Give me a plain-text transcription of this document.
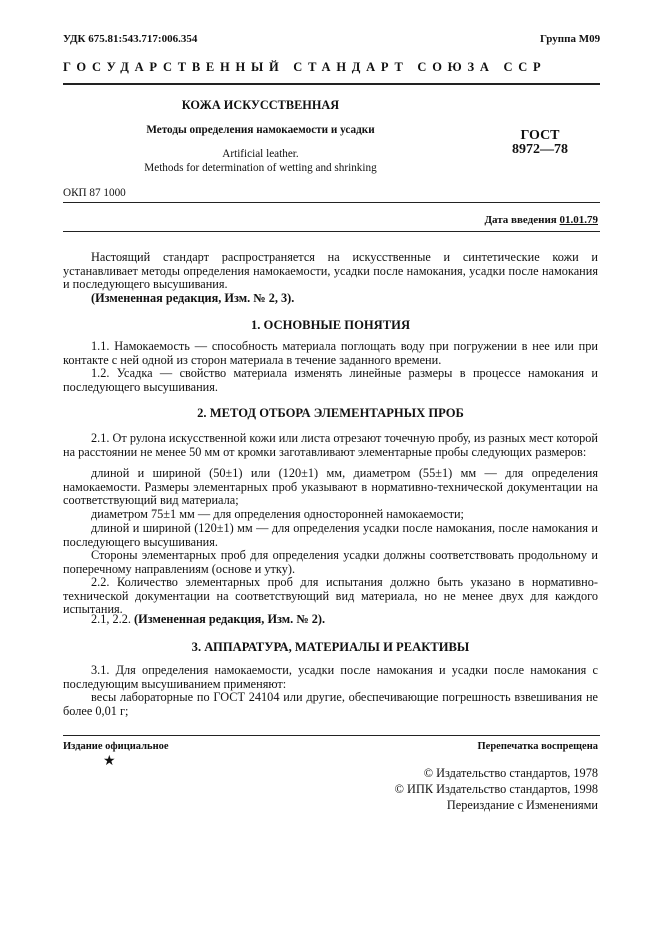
УДК 675.81:543.717:006.354	Группа М09
ГОСУДАРСТВЕННЫЙ СТАНДАРТ СОЮЗА ССР
КОЖА ИСКУССТВЕННАЯ
Методы определения намокаемости и усадки
Artificial leather.
Methods for determination of wetting and shrinking
ГОСТ
8972—78
ОКП 87 1000
Дата введения 01.01.79

Настоящий стандарт распространяется на искусственные и синтетические кожи и устанавливает методы определения намокаемости, усадки после намокания, усадки после намокания и последующего высушивания.

(Измененная редакция, Изм. № 2, 3).

1. ОСНОВНЫЕ ПОНЯТИЯ

1.1. Намокаемость — способность материала поглощать воду при погружении в нее или при контакте с ней одной из сторон материала в течение заданного времени.

1.2. Усадка — свойство материала изменять линейные размеры в процессе намокания и последующего высушивания.

2. МЕТОД ОТБОРА ЭЛЕМЕНТАРНЫХ ПРОБ

2.1. От рулона искусственной кожи или листа отрезают точечную пробу, из разных мест которой на расстоянии не менее 50 мм от кромки заготавливают элементарные пробы следующих размеров:

длиной и шириной (50±1) или (120±1) мм, диаметром (55±1) мм — для определения намокаемости. Размеры элементарных проб указывают в нормативно-технической документации на соответствующий вид материала;

диаметром 75±1 мм — для определения односторонней намокаемости;

длиной и шириной (120±1) мм — для определения усадки после намокания, после намокания и последующего высушивания.

Стороны элементарных проб для определения усадки должны соответствовать продольному и поперечному направлениям (основе и утку).

2.2. Количество элементарных проб для испытания должно быть указано в нормативно-технической документации на соответствующий вид материала, но не менее двух для каждого испытания.

2.1, 2.2. (Измененная редакция, Изм. № 2).

3. АППАРАТУРА, МАТЕРИАЛЫ И РЕАКТИВЫ

3.1. Для определения намокаемости, усадки после намокания и усадки после намокания с последующим высушиванием применяют:

весы лабораторные по ГОСТ 24104 или другие, обеспечивающие погрешность взвешивания не более 0,01 г;

Издание официальное	Перепечатка воспрещена
★
© Издательство стандартов, 1978
© ИПК Издательство стандартов, 1998
Переиздание с Изменениями
